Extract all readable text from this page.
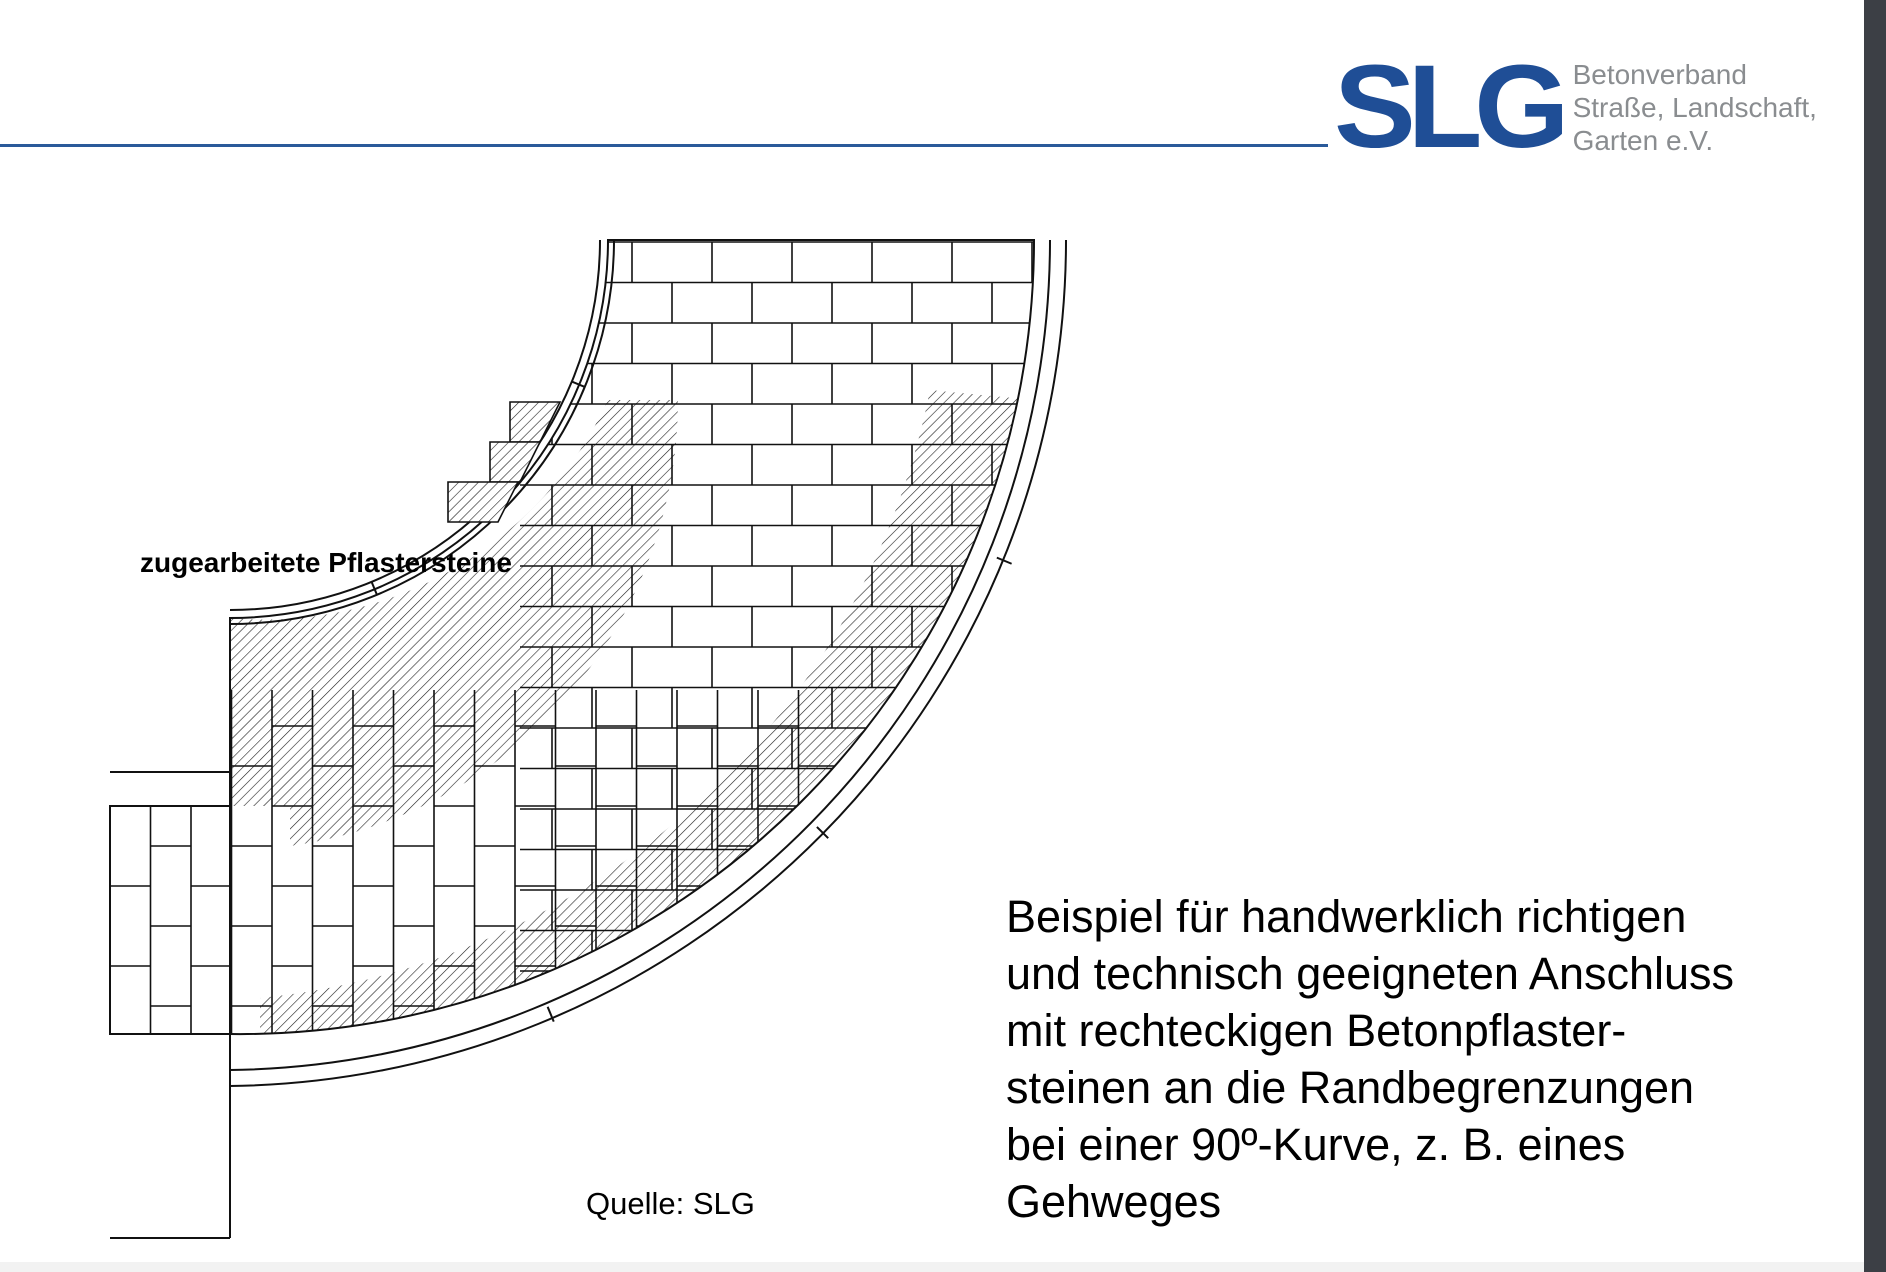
SLG Betonverband
Straße, Landschaft,
Garten e.V.
zugearbeitete Pflastersteine
Quelle: SLG
Beispiel für handwerklich richtigen
und technisch geeigneten Anschluss
mit rechteckigen Betonpflaster-
steinen an die Randbegrenzungen
bei einer 90º-Kurve, z. B. eines
Gehweges
